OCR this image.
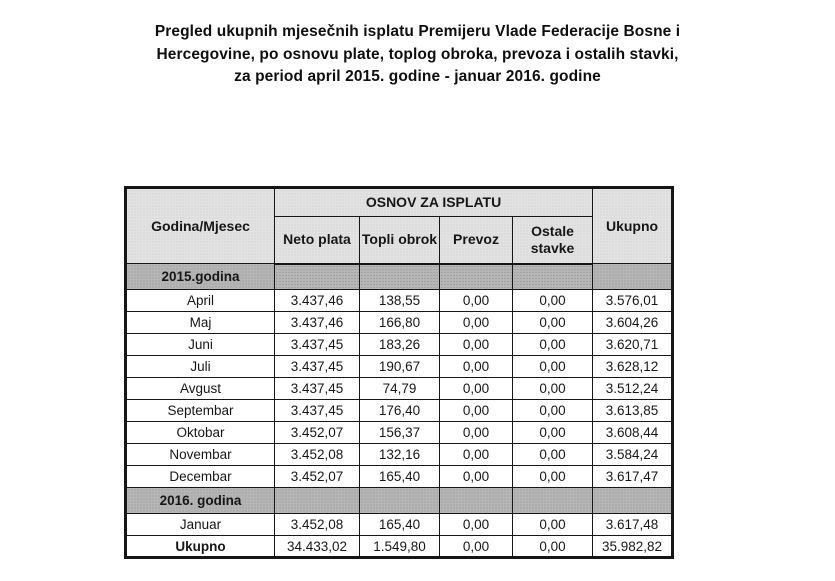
Pregled ukupnih mjesečnih isplatu Premijeru Vlade Federacije Bosne i
Hercegovine, po osnovu plate, toplog obroka, prevoza i ostalih stavki,
za period april 2015. godine - januar 2016. godine
Godina/Mjesec	OSNOV ZA ISPLATU				Ukupno
	Neto plata	Topli obrok	Prevoz	Ostale stavke	
2015.godina					
April	3.437,46	138,55	0,00	0,00	3.576,01
Maj	3.437,46	166,80	0,00	0,00	3.604,26
Juni	3.437,45	183,26	0,00	0,00	3.620,71
Juli	3.437,45	190,67	0,00	0,00	3.628,12
Avgust	3.437,45	74,79	0,00	0,00	3.512,24
Septembar	3.437,45	176,40	0,00	0,00	3.613,85
Oktobar	3.452,07	156,37	0,00	0,00	3.608,44
Novembar	3.452,08	132,16	0,00	0,00	3.584,24
Decembar	3.452,07	165,40	0,00	0,00	3.617,47
2016. godina					
Januar	3.452,08	165,40	0,00	0,00	3.617,48
Ukupno	34.433,02	1.549,80	0,00	0,00	35.982,82
